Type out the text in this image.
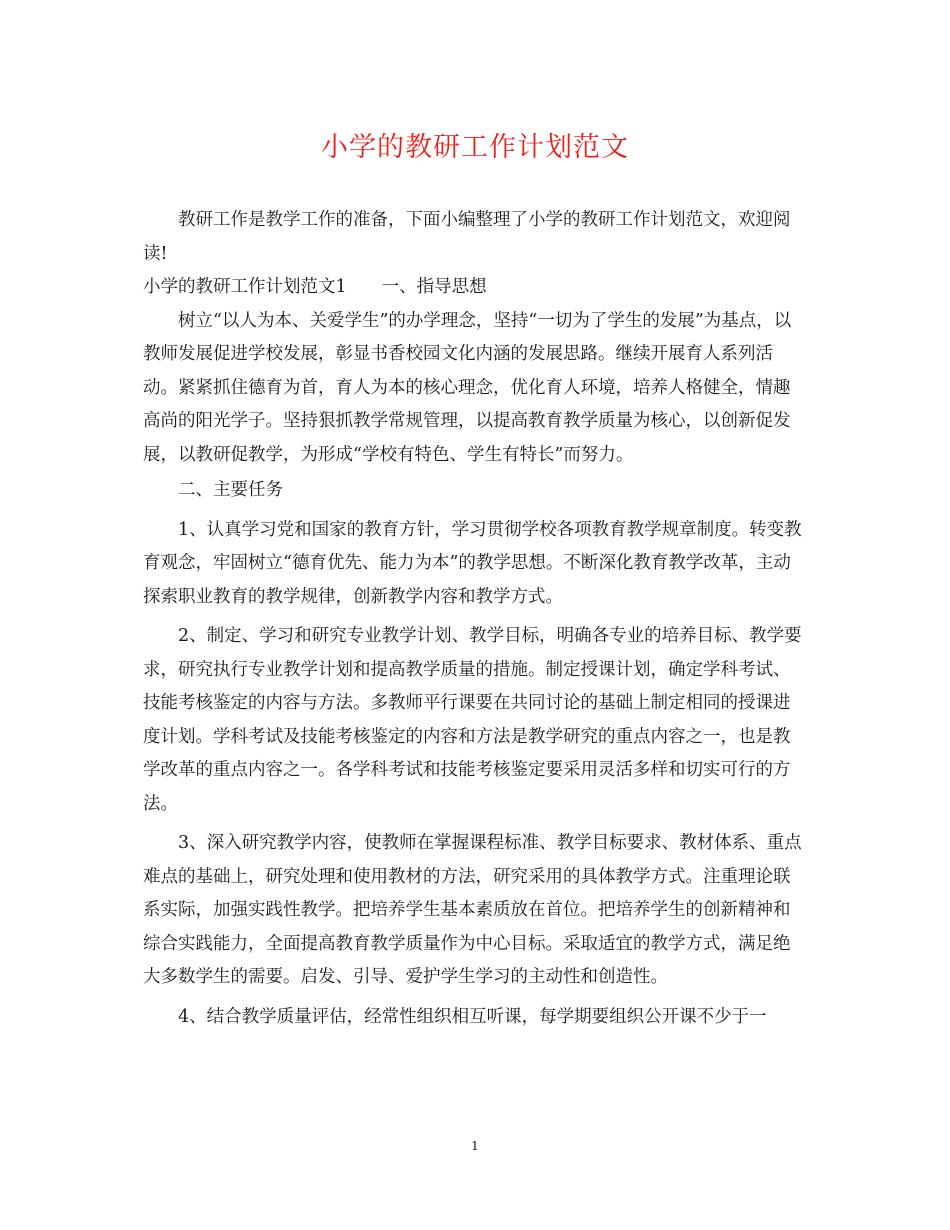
小学的教研工作计划范文

教研工作是教学工作的准备，下面小编整理了小学的教研工作计划范文，欢迎阅读!

小学的教研工作计划范文1　　一、指导思想

树立“以人为本、关爱学生”的办学理念，坚持“一切为了学生的发展”为基点，以教师发展促进学校发展，彰显书香校园文化内涵的发展思路。继续开展育人系列活动。紧紧抓住德育为首，育人为本的核心理念，优化育人环境，培养人格健全，情趣高尚的阳光学子。坚持狠抓教学常规管理，以提高教育教学质量为核心，以创新促发展，以教研促教学，为形成“学校有特色、学生有特长”而努力。

二、主要任务

1、认真学习党和国家的教育方针，学习贯彻学校各项教育教学规章制度。转变教育观念，牢固树立“德育优先、能力为本”的教学思想。不断深化教育教学改革，主动探索职业教育的教学规律，创新教学内容和教学方式。

2、制定、学习和研究专业教学计划、教学目标，明确各专业的培养目标、教学要求，研究执行专业教学计划和提高教学质量的措施。制定授课计划，确定学科考试、技能考核鉴定的内容与方法。多教师平行课要在共同讨论的基础上制定相同的授课进度计划。学科考试及技能考核鉴定的内容和方法是教学研究的重点内容之一，也是教学改革的重点内容之一。各学科考试和技能考核鉴定要采用灵活多样和切实可行的方法。

3、深入研究教学内容，使教师在掌握课程标准、教学目标要求、教材体系、重点难点的基础上，研究处理和使用教材的方法，研究采用的具体教学方式。注重理论联系实际，加强实践性教学。把培养学生基本素质放在首位。把培养学生的创新精神和综合实践能力，全面提高教育教学质量作为中心目标。采取适宜的教学方式，满足绝大多数学生的需要。启发、引导、爱护学生学习的主动性和创造性。

4、结合教学质量评估，经常性组织相互听课，每学期要组织公开课不少于一

1
